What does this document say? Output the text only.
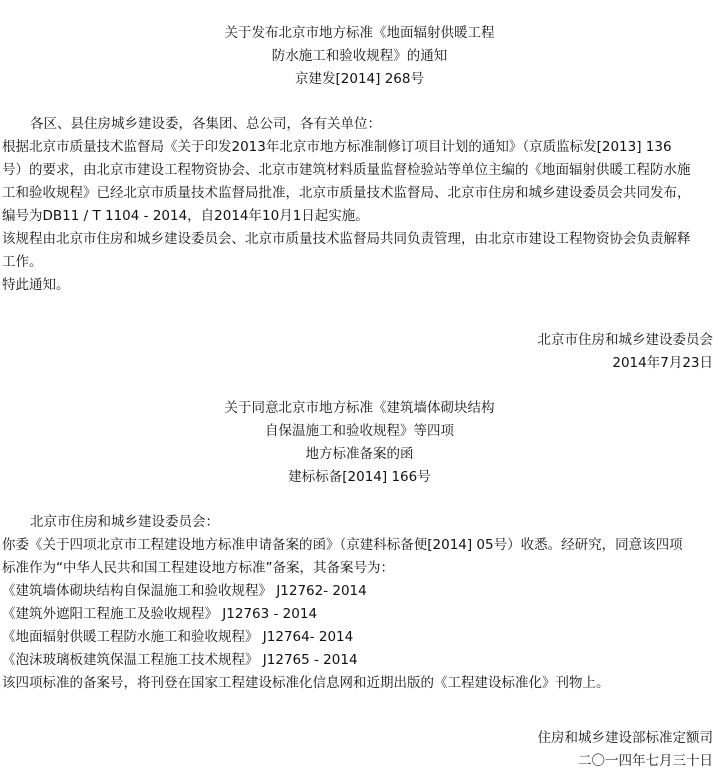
关于发布北京市地方标准《地面辐射供暖工程
防水施工和验收规程》的通知
京建发[2014] 268号
各区、县住房城乡建设委，各集团、总公司，各有关单位：
根据北京市质量技术监督局《关于印发2013年北京市地方标准制修订项目计划的通知》（京质监标发[2013] 136
号）的要求，由北京市建设工程物资协会、北京市建筑材料质量监督检验站等单位主编的《地面辐射供暖工程防水施
工和验收规程》已经北京市质量技术监督局批准，北京市质量技术监督局、北京市住房和城乡建设委员会共同发布，
编号为DB11 / T 1104 - 2014，自2014年10月1日起实施。
该规程由北京市住房和城乡建设委员会、北京市质量技术监督局共同负责管理，由北京市建设工程物资协会负责解释
工作。
特此通知。
北京市住房和城乡建设委员会
2014年7月23日
关于同意北京市地方标准《建筑墙体砌块结构
自保温施工和验收规程》等四项
地方标准备案的函
建标标备[2014] 166号
北京市住房和城乡建设委员会：
你委《关于四项北京市工程建设地方标准申请备案的函》（京建科标备便[2014] 05号）收悉。经研究，同意该四项
标准作为“中华人民共和国工程建设地方标准”备案，其备案号为：
《建筑墙体砌块结构自保温施工和验收规程》 J12762- 2014
《建筑外遮阳工程施工及验收规程》 J12763 - 2014
《地面辐射供暖工程防水施工和验收规程》 J12764- 2014
《泡沫玻璃板建筑保温工程施工技术规程》 J12765 - 2014
该四项标准的备案号，将刊登在国家工程建设标准化信息网和近期出版的《工程建设标准化》刊物上。
住房和城乡建设部标准定额司
二〇一四年七月三十日
